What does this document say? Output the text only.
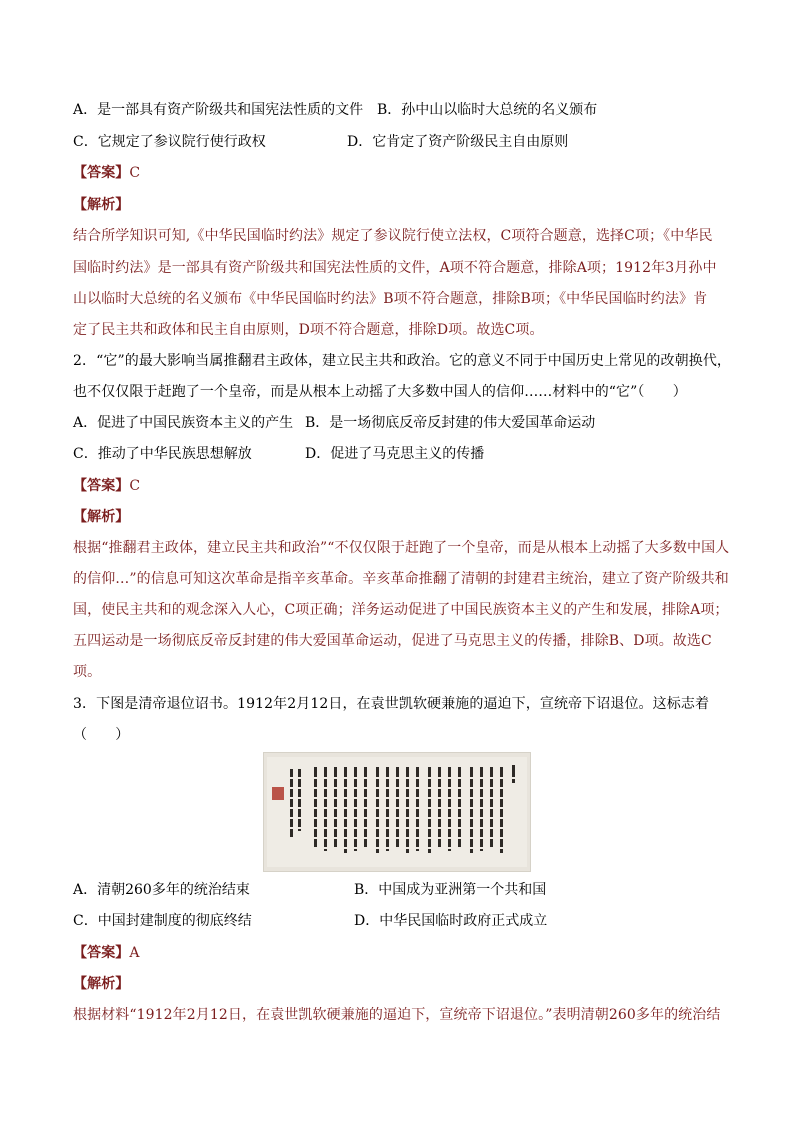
A．是一部具有资产阶级共和国宪法性质的文件 B．孙中山以临时大总统的名义颁布
C．它规定了参议院行使行政权	D．它肯定了资产阶级民主自由原则
【答案】C
【解析】
结合所学知识可知,《中华民国临时约法》规定了参议院行使立法权，C项符合题意，选择C项；《中华民
国临时约法》是一部具有资产阶级共和国宪法性质的文件，A项不符合题意，排除A项；1912年3月孙中
山以临时大总统的名义颁布《中华民国临时约法》B项不符合题意，排除B项；《中华民国临时约法》肯
定了民主共和政体和民主自由原则，D项不符合题意，排除D项。故选C项。
2．“它”的最大影响当属推翻君主政体，建立民主共和政治。它的意义不同于中国历史上常见的改朝换代，
也不仅仅限于赶跑了一个皇帝，而是从根本上动摇了大多数中国人的信仰……材料中的“它”（　　）
A．促进了中国民族资本主义的产生 B．是一场彻底反帝反封建的伟大爱国革命运动
C．推动了中华民族思想解放	D．促进了马克思主义的传播
【答案】C
【解析】
根据“推翻君主政体，建立民主共和政治”“不仅仅限于赶跑了一个皇帝，而是从根本上动摇了大多数中国人
的信仰…”的信息可知这次革命是指辛亥革命。辛亥革命推翻了清朝的封建君主统治，建立了资产阶级共和
国，使民主共和的观念深入人心，C项正确；洋务运动促进了中国民族资本主义的产生和发展，排除A项；
五四运动是一场彻底反帝反封建的伟大爱国革命运动，促进了马克思主义的传播，排除B、D项。故选C
项。
3．下图是清帝退位诏书。1912年2月12日，在袁世凯软硬兼施的逼迫下，宣统帝下诏退位。这标志着
（　　）
A．清朝260多年的统治结束	B．中国成为亚洲第一个共和国
C．中国封建制度的彻底终结	D．中华民国临时政府正式成立
【答案】A
【解析】
根据材料“1912年2月12日，在袁世凯软硬兼施的逼迫下，宣统帝下诏退位。”表明清朝260多年的统治结
